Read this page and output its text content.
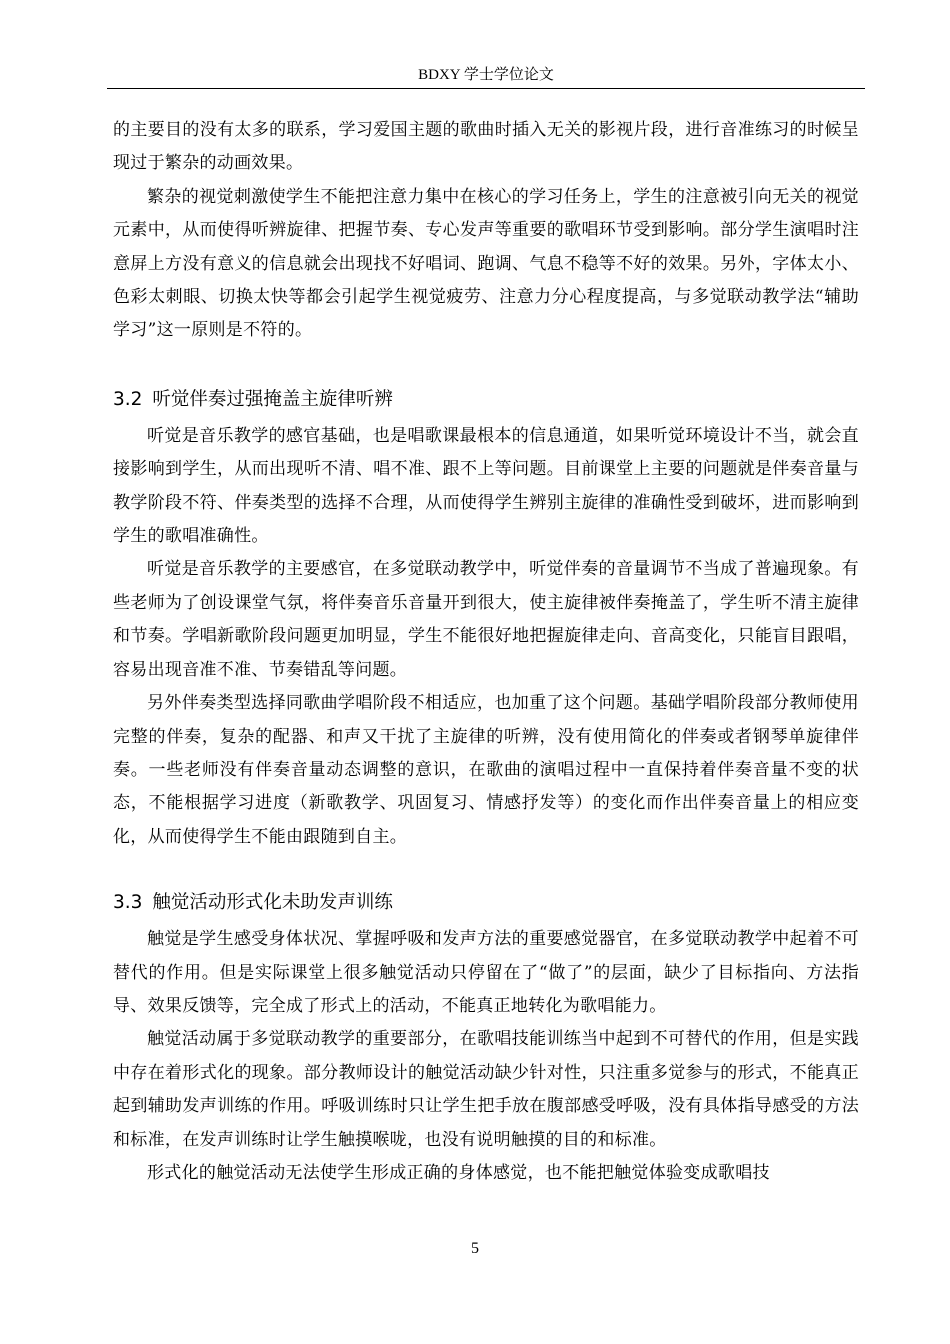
BDXY 学士学位论文

的主要目的没有太多的联系，学习爱国主题的歌曲时插入无关的影视片段，进行音准练习的时候呈现过于繁杂的动画效果。

繁杂的视觉刺激使学生不能把注意力集中在核心的学习任务上，学生的注意被引向无关的视觉元素中，从而使得听辨旋律、把握节奏、专心发声等重要的歌唱环节受到影响。部分学生演唱时注意屏上方没有意义的信息就会出现找不好唱词、跑调、气息不稳等不好的效果。另外，字体太小、色彩太刺眼、切换太快等都会引起学生视觉疲劳、注意力分心程度提高，与多觉联动教学法“辅助学习”这一原则是不符的。

3.2 听觉伴奏过强掩盖主旋律听辨

听觉是音乐教学的感官基础，也是唱歌课最根本的信息通道，如果听觉环境设计不当，就会直接影响到学生，从而出现听不清、唱不准、跟不上等问题。目前课堂上主要的问题就是伴奏音量与教学阶段不符、伴奏类型的选择不合理，从而使得学生辨别主旋律的准确性受到破坏，进而影响到学生的歌唱准确性。

听觉是音乐教学的主要感官，在多觉联动教学中，听觉伴奏的音量调节不当成了普遍现象。有些老师为了创设课堂气氛，将伴奏音乐音量开到很大，使主旋律被伴奏掩盖了，学生听不清主旋律和节奏。学唱新歌阶段问题更加明显，学生不能很好地把握旋律走向、音高变化，只能盲目跟唱，容易出现音准不准、节奏错乱等问题。

另外伴奏类型选择同歌曲学唱阶段不相适应，也加重了这个问题。基础学唱阶段部分教师使用完整的伴奏，复杂的配器、和声又干扰了主旋律的听辨，没有使用简化的伴奏或者钢琴单旋律伴奏。一些老师没有伴奏音量动态调整的意识，在歌曲的演唱过程中一直保持着伴奏音量不变的状态，不能根据学习进度（新歌教学、巩固复习、情感抒发等）的变化而作出伴奏音量上的相应变化，从而使得学生不能由跟随到自主。

3.3 触觉活动形式化未助发声训练

触觉是学生感受身体状况、掌握呼吸和发声方法的重要感觉器官，在多觉联动教学中起着不可替代的作用。但是实际课堂上很多触觉活动只停留在了“做了”的层面，缺少了目标指向、方法指导、效果反馈等，完全成了形式上的活动，不能真正地转化为歌唱能力。

触觉活动属于多觉联动教学的重要部分，在歌唱技能训练当中起到不可替代的作用，但是实践中存在着形式化的现象。部分教师设计的触觉活动缺少针对性，只注重多觉参与的形式，不能真正起到辅助发声训练的作用。呼吸训练时只让学生把手放在腹部感受呼吸，没有具体指导感受的方法和标准，在发声训练时让学生触摸喉咙，也没有说明触摸的目的和标准。

形式化的触觉活动无法使学生形成正确的身体感觉，也不能把触觉体验变成歌唱技

5
